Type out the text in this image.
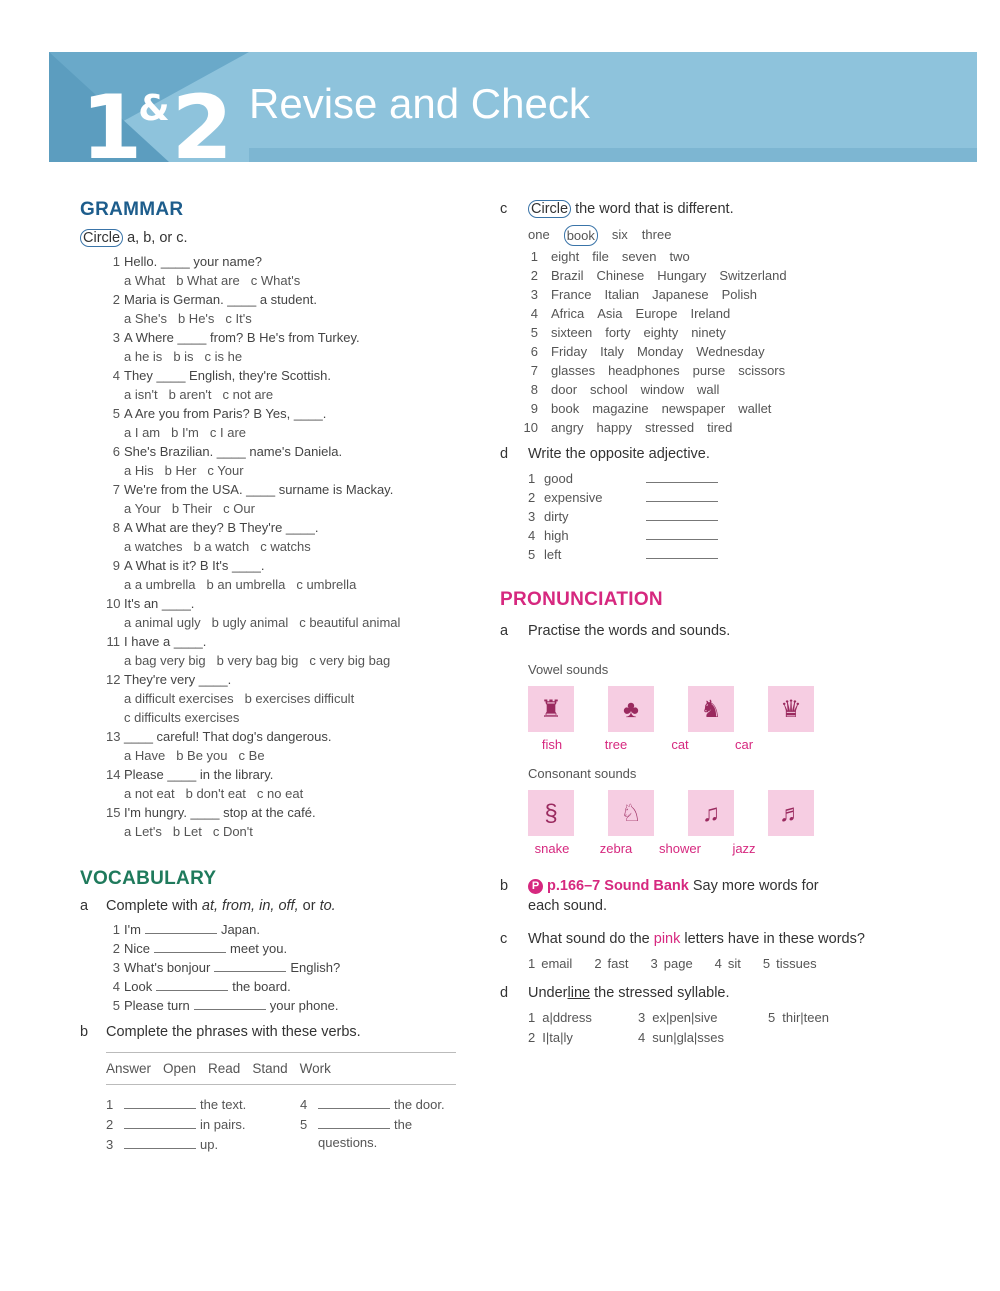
1&2 Revise and Check
GRAMMAR
Circle a, b, or c.
1 Hello. ____ your name?
a What b What are c What's
2 Maria is German. ____ a student.
a She's b He's c It's
3 A Where ____ from? B He's from Turkey.
a he is b is c is he
4 They ____ English, they're Scottish.
a isn't b aren't c not are
5 A Are you from Paris? B Yes, ____.
a I am b I'm c I are
6 She's Brazilian. ____ name's Daniela.
a His b Her c Your
7 We're from the USA. ____ surname is Mackay.
a Your b Their c Our
8 A What are they? B They're ____.
a watches b a watch c watchs
9 A What is it? B It's ____.
a a umbrella b an umbrella c umbrella
10 It's an ____.
a animal ugly b ugly animal c beautiful animal
11 I have a ____.
a bag very big b very bag big c very big bag
12 They're very ____.
a difficult exercises b exercises difficult
c difficults exercises
13 ____ careful! That dog's dangerous.
a Have b Be you c Be
14 Please ____ in the library.
a not eat b don't eat c no eat
15 I'm hungry. ____ stop at the café.
a Let's b Let c Don't
VOCABULARY
a Complete with at, from, in, off, or to.
1 I'm	Japan.
2 Nice	meet you.
3 What's bonjour	English?
4 Look	the board.
5 Please turn	your phone.
b Complete the phrases with these verbs.
Answer Open Read Stand Work
1	the text.
2	in pairs.
3	up.
4	the door.
5	the
questions.
c Circle the word that is different.
one book six three
1 eight file seven two
2 Brazil Chinese Hungary Switzerland
3 France Italian Japanese Polish
4 Africa Asia Europe Ireland
5 sixteen forty eighty ninety
6 Friday Italy Monday Wednesday
7 glasses headphones purse scissors
8 door school window wall
9 book magazine newspaper wallet
10 angry happy stressed tired
d Write the opposite adjective.
1 good
2 expensive
3 dirty
4 high
5 left
PRONUNCIATION
a Practise the words and sounds.
Vowel sounds
♜	♣	♞ ♛
fish	tree	cat	car
Consonant sounds
§	♘	♫ ♬
snake	zebra	shower	jazz
b P p.166–7 Sound Bank Say more words for
each sound.
c What sound do the pink letters have in these words?
1 email 2 fast 3 page 4 sit 5 tissues
d Underline the stressed syllable.
1 a|ddress
2 I|ta|ly
3 ex|pen|sive
4 sun|gla|sses
5 thir|teen
